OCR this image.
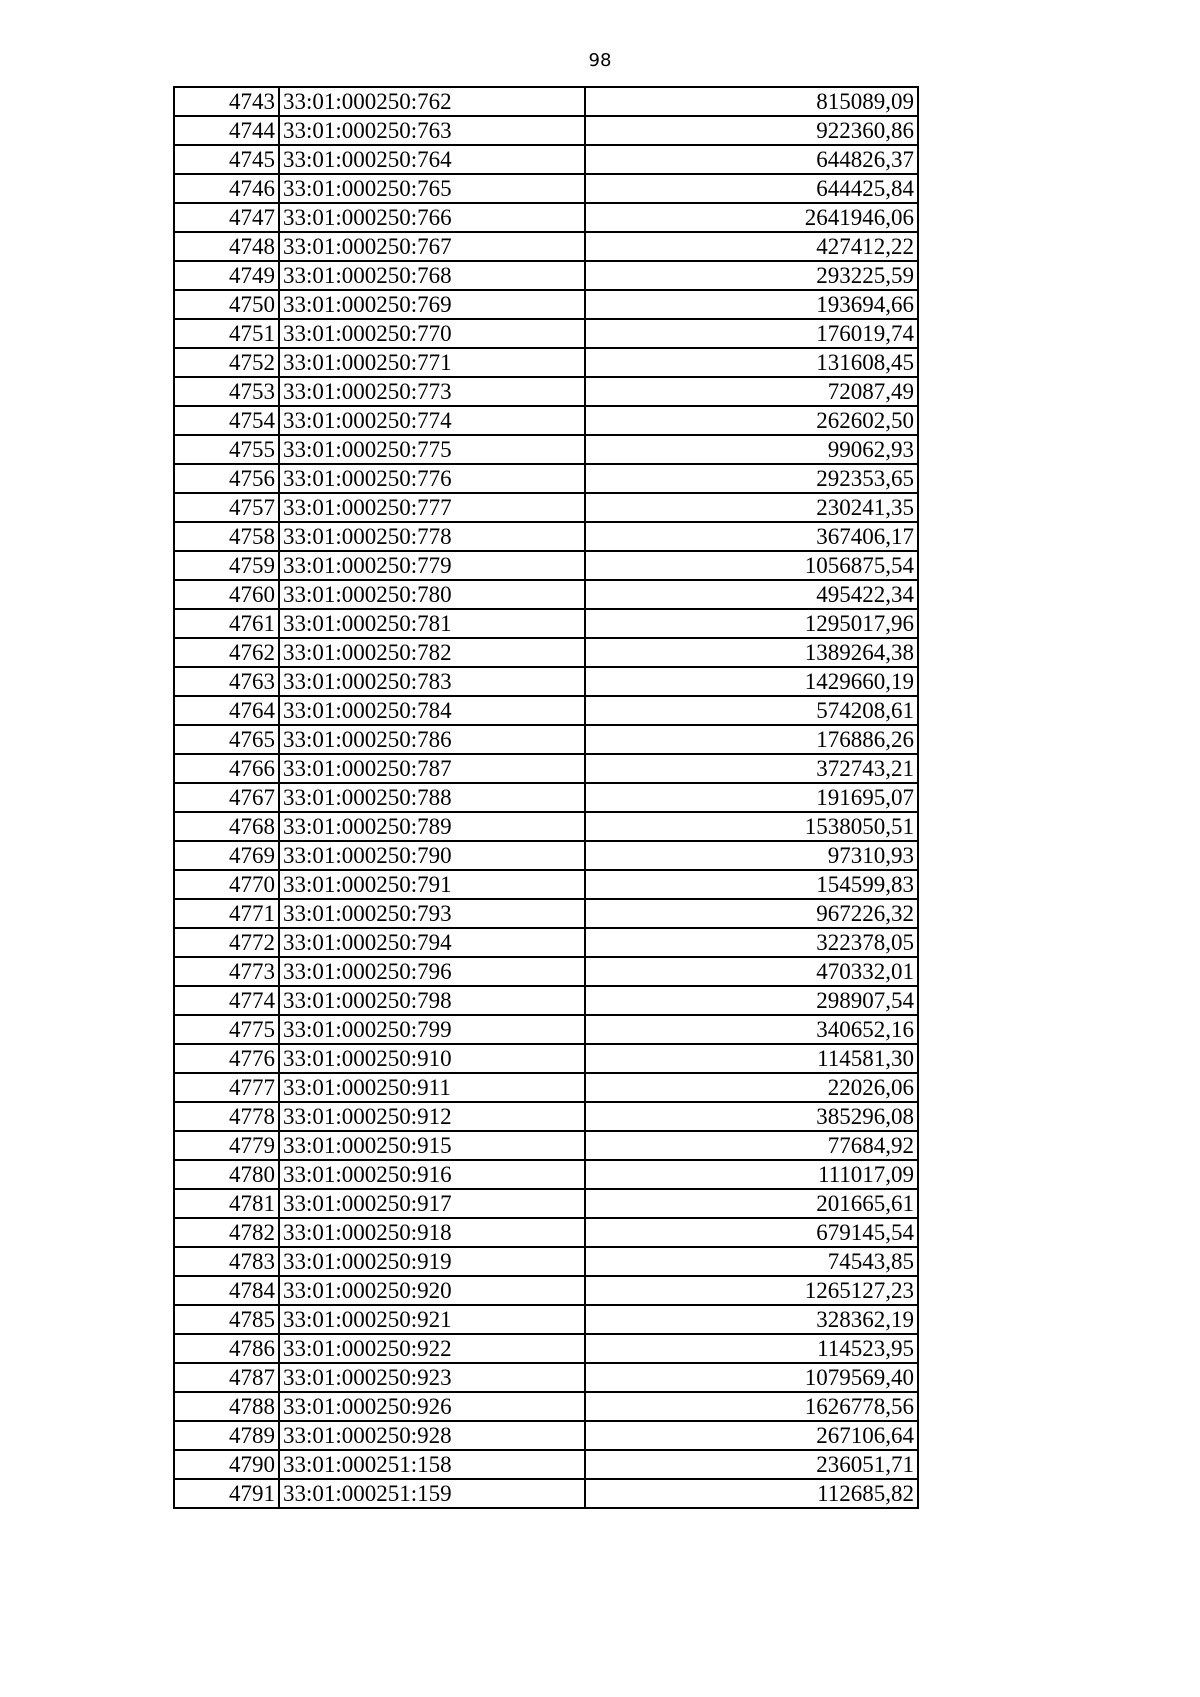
98
4743	33:01:000250:762	815089,09
4744	33:01:000250:763	922360,86
4745	33:01:000250:764	644826,37
4746	33:01:000250:765	644425,84
4747	33:01:000250:766	2641946,06
4748	33:01:000250:767	427412,22
4749	33:01:000250:768	293225,59
4750	33:01:000250:769	193694,66
4751	33:01:000250:770	176019,74
4752	33:01:000250:771	131608,45
4753	33:01:000250:773	72087,49
4754	33:01:000250:774	262602,50
4755	33:01:000250:775	99062,93
4756	33:01:000250:776	292353,65
4757	33:01:000250:777	230241,35
4758	33:01:000250:778	367406,17
4759	33:01:000250:779	1056875,54
4760	33:01:000250:780	495422,34
4761	33:01:000250:781	1295017,96
4762	33:01:000250:782	1389264,38
4763	33:01:000250:783	1429660,19
4764	33:01:000250:784	574208,61
4765	33:01:000250:786	176886,26
4766	33:01:000250:787	372743,21
4767	33:01:000250:788	191695,07
4768	33:01:000250:789	1538050,51
4769	33:01:000250:790	97310,93
4770	33:01:000250:791	154599,83
4771	33:01:000250:793	967226,32
4772	33:01:000250:794	322378,05
4773	33:01:000250:796	470332,01
4774	33:01:000250:798	298907,54
4775	33:01:000250:799	340652,16
4776	33:01:000250:910	114581,30
4777	33:01:000250:911	22026,06
4778	33:01:000250:912	385296,08
4779	33:01:000250:915	77684,92
4780	33:01:000250:916	111017,09
4781	33:01:000250:917	201665,61
4782	33:01:000250:918	679145,54
4783	33:01:000250:919	74543,85
4784	33:01:000250:920	1265127,23
4785	33:01:000250:921	328362,19
4786	33:01:000250:922	114523,95
4787	33:01:000250:923	1079569,40
4788	33:01:000250:926	1626778,56
4789	33:01:000250:928	267106,64
4790	33:01:000251:158	236051,71
4791	33:01:000251:159	112685,82
